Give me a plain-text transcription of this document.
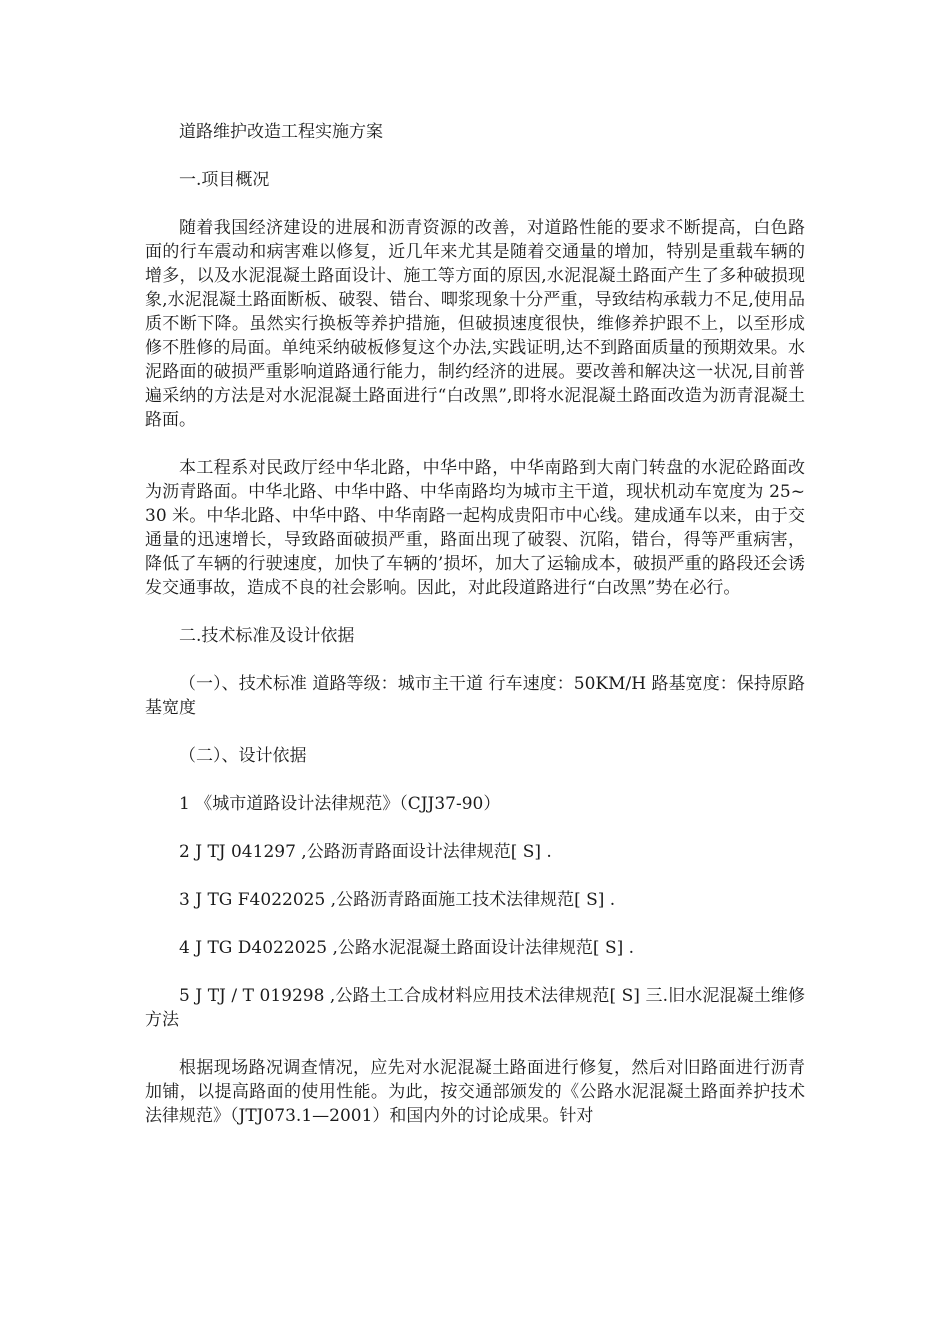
道路维护改造工程实施方案

一.项目概况

随着我国经济建设的进展和沥青资源的改善，对道路性能的要求不断提高，白色路面的行车震动和病害难以修复，近几年来尤其是随着交通量的增加，特别是重载车辆的增多，以及水泥混凝土路面设计、施工等方面的原因,水泥混凝土路面产生了多种破损现象,水泥混凝土路面断板、破裂、错台、唧浆现象十分严重，导致结构承载力不足,使用品质不断下降。虽然实行换板等养护措施，但破损速度很快，维修养护跟不上，以至形成修不胜修的局面。单纯采纳破板修复这个办法,实践证明,达不到路面质量的预期效果。水泥路面的破损严重影响道路通行能力，制约经济的进展。要改善和解决这一状况,目前普遍采纳的方法是对水泥混凝土路面进行“白改黑”,即将水泥混凝土路面改造为沥青混凝土路面。

本工程系对民政厅经中华北路，中华中路，中华南路到大南门转盘的水泥砼路面改为沥青路面。中华北路、中华中路、中华南路均为城市主干道，现状机动车宽度为 25~30 米。中华北路、中华中路、中华南路一起构成贵阳市中心线。建成通车以来，由于交通量的迅速增长，导致路面破损严重，路面出现了破裂、沉陷，错台，得等严重病害，降低了车辆的行驶速度，加快了车辆的’损坏，加大了运输成本，破损严重的路段还会诱发交通事故，造成不良的社会影响。因此，对此段道路进行“白改黑”势在必行。

二.技术标准及设计依据

（一）、技术标准 道路等级：城市主干道 行车速度：50KM/H 路基宽度：保持原路基宽度

（二）、设计依据

1 《城市道路设计法律规范》（CJJ37-90）

2 J TJ 041297 ,公路沥青路面设计法律规范[ S] .

3 J TG F4022025 ,公路沥青路面施工技术法律规范[ S] .

4 J TG D4022025 ,公路水泥混凝土路面设计法律规范[ S] .

5 J TJ / T 019298 ,公路土工合成材料应用技术法律规范[ S] 三.旧水泥混凝土维修方法

根据现场路况调查情况，应先对水泥混凝土路面进行修复，然后对旧路面进行沥青加铺，以提高路面的使用性能。为此，按交通部颁发的《公路水泥混凝土路面养护技术法律规范》（JTJ073.1—2001）和国内外的讨论成果。针对
